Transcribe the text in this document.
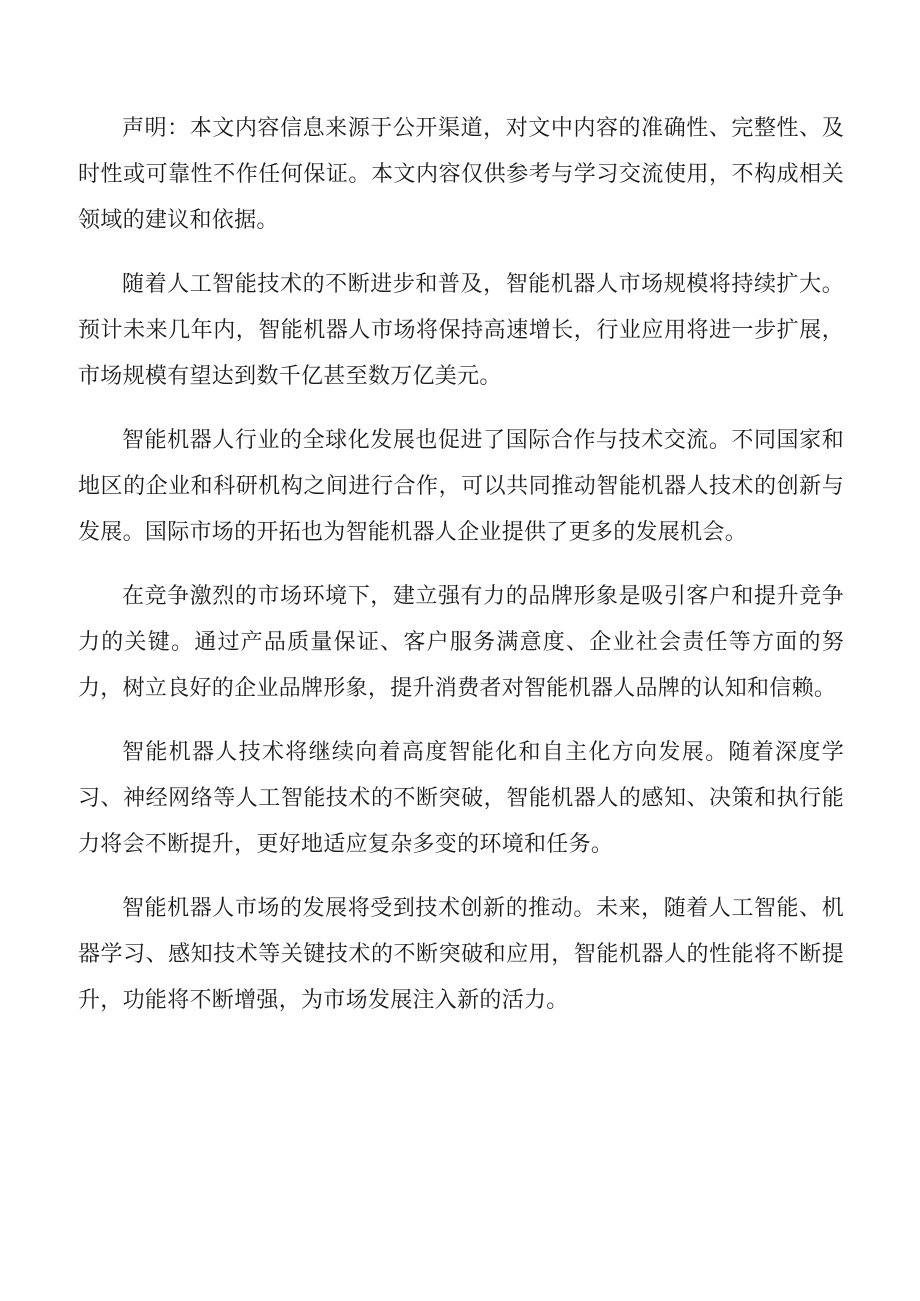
声明：本文内容信息来源于公开渠道，对文中内容的准确性、完整性、及时性或可靠性不作任何保证。本文内容仅供参考与学习交流使用，不构成相关领域的建议和依据。

随着人工智能技术的不断进步和普及，智能机器人市场规模将持续扩大。预计未来几年内，智能机器人市场将保持高速增长，行业应用将进一步扩展，市场规模有望达到数千亿甚至数万亿美元。

智能机器人行业的全球化发展也促进了国际合作与技术交流。不同国家和地区的企业和科研机构之间进行合作，可以共同推动智能机器人技术的创新与发展。国际市场的开拓也为智能机器人企业提供了更多的发展机会。

在竞争激烈的市场环境下，建立强有力的品牌形象是吸引客户和提升竞争力的关键。通过产品质量保证、客户服务满意度、企业社会责任等方面的努力，树立良好的企业品牌形象，提升消费者对智能机器人品牌的认知和信赖。

智能机器人技术将继续向着高度智能化和自主化方向发展。随着深度学习、神经网络等人工智能技术的不断突破，智能机器人的感知、决策和执行能力将会不断提升，更好地适应复杂多变的环境和任务。

智能机器人市场的发展将受到技术创新的推动。未来，随着人工智能、机器学习、感知技术等关键技术的不断突破和应用，智能机器人的性能将不断提升，功能将不断增强，为市场发展注入新的活力。
